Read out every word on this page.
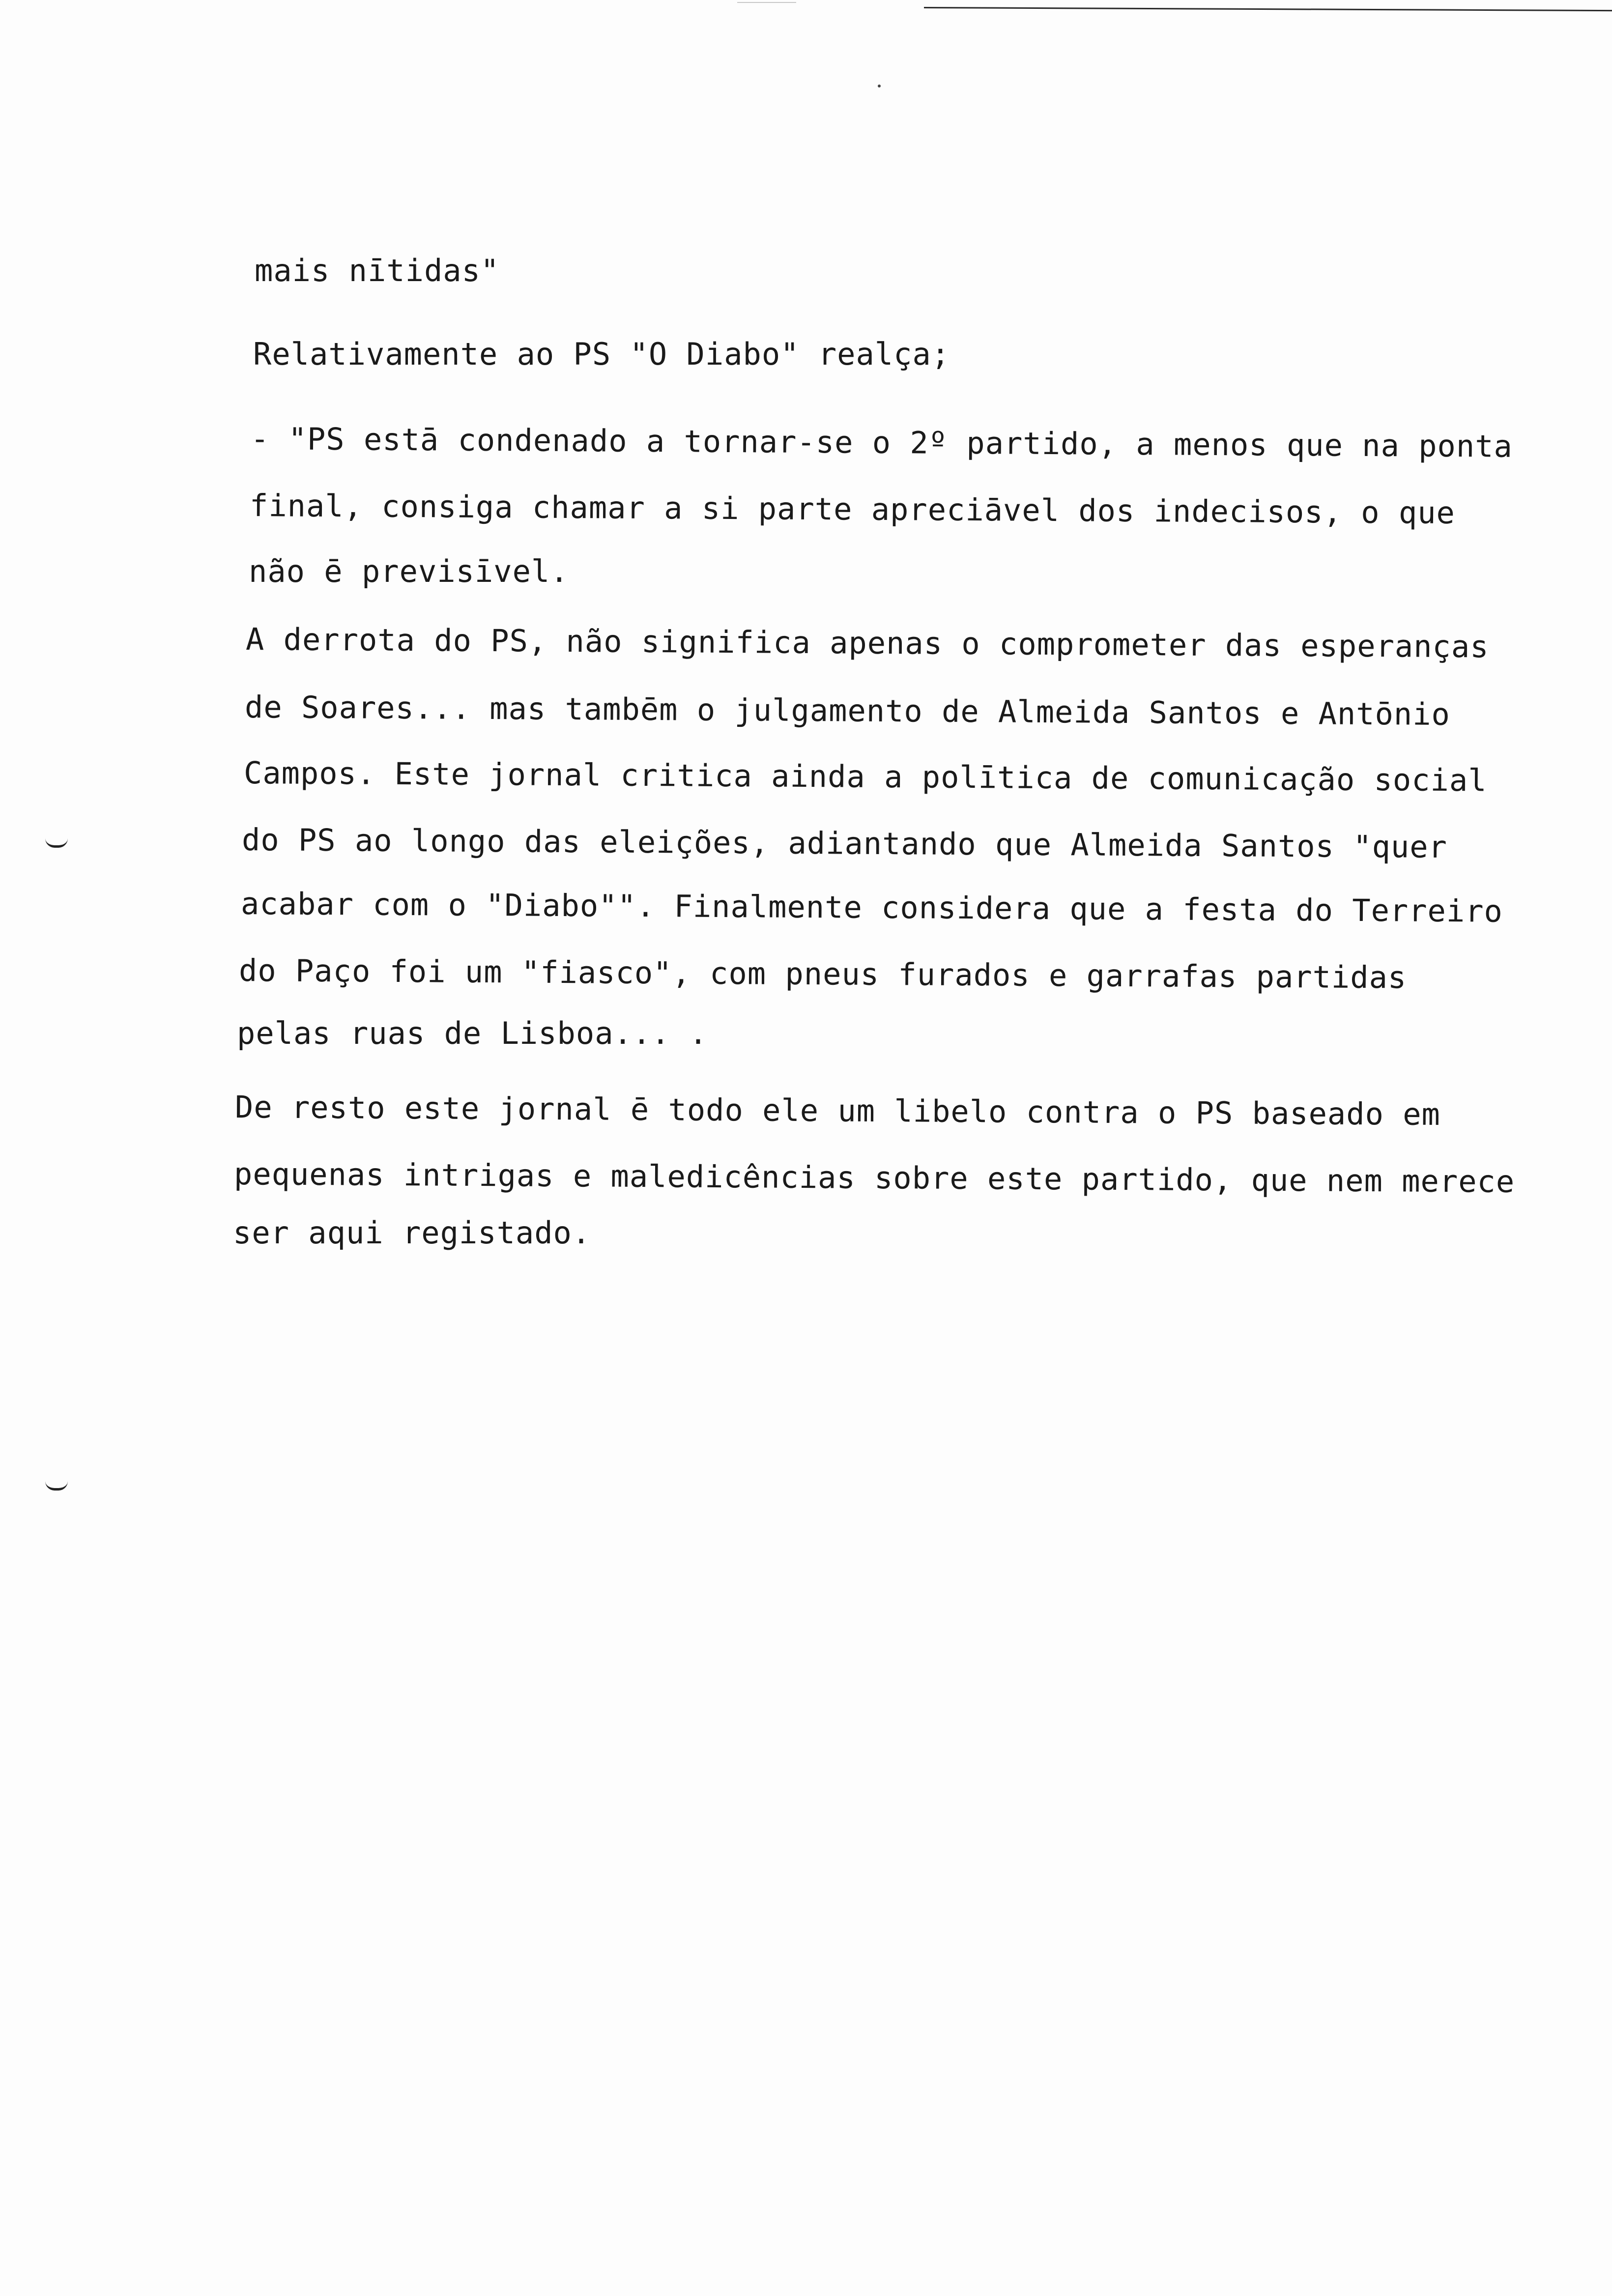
mais nītidas"
Relativamente ao PS "O Diabo" realça;
- "PS estā condenado a tornar-se o 2º partido, a menos que na ponta
final, consiga chamar a si parte apreciāvel dos indecisos, o que
não ē previsīvel.
A derrota do PS, não significa apenas o comprometer das esperanças
de Soares... mas tambēm o julgamento de Almeida Santos e Antōnio
Campos. Este jornal critica ainda a polītica de comunicação social
do PS ao longo das eleições, adiantando que Almeida Santos "quer
acabar com o "Diabo"". Finalmente considera que a festa do Terreiro
do Paço foi um "fiasco", com pneus furados e garrafas partidas
pelas ruas de Lisboa... .
De resto este jornal ē todo ele um libelo contra o PS baseado em
pequenas intrigas e maledicências sobre este partido, que nem merece
ser aqui registado.
